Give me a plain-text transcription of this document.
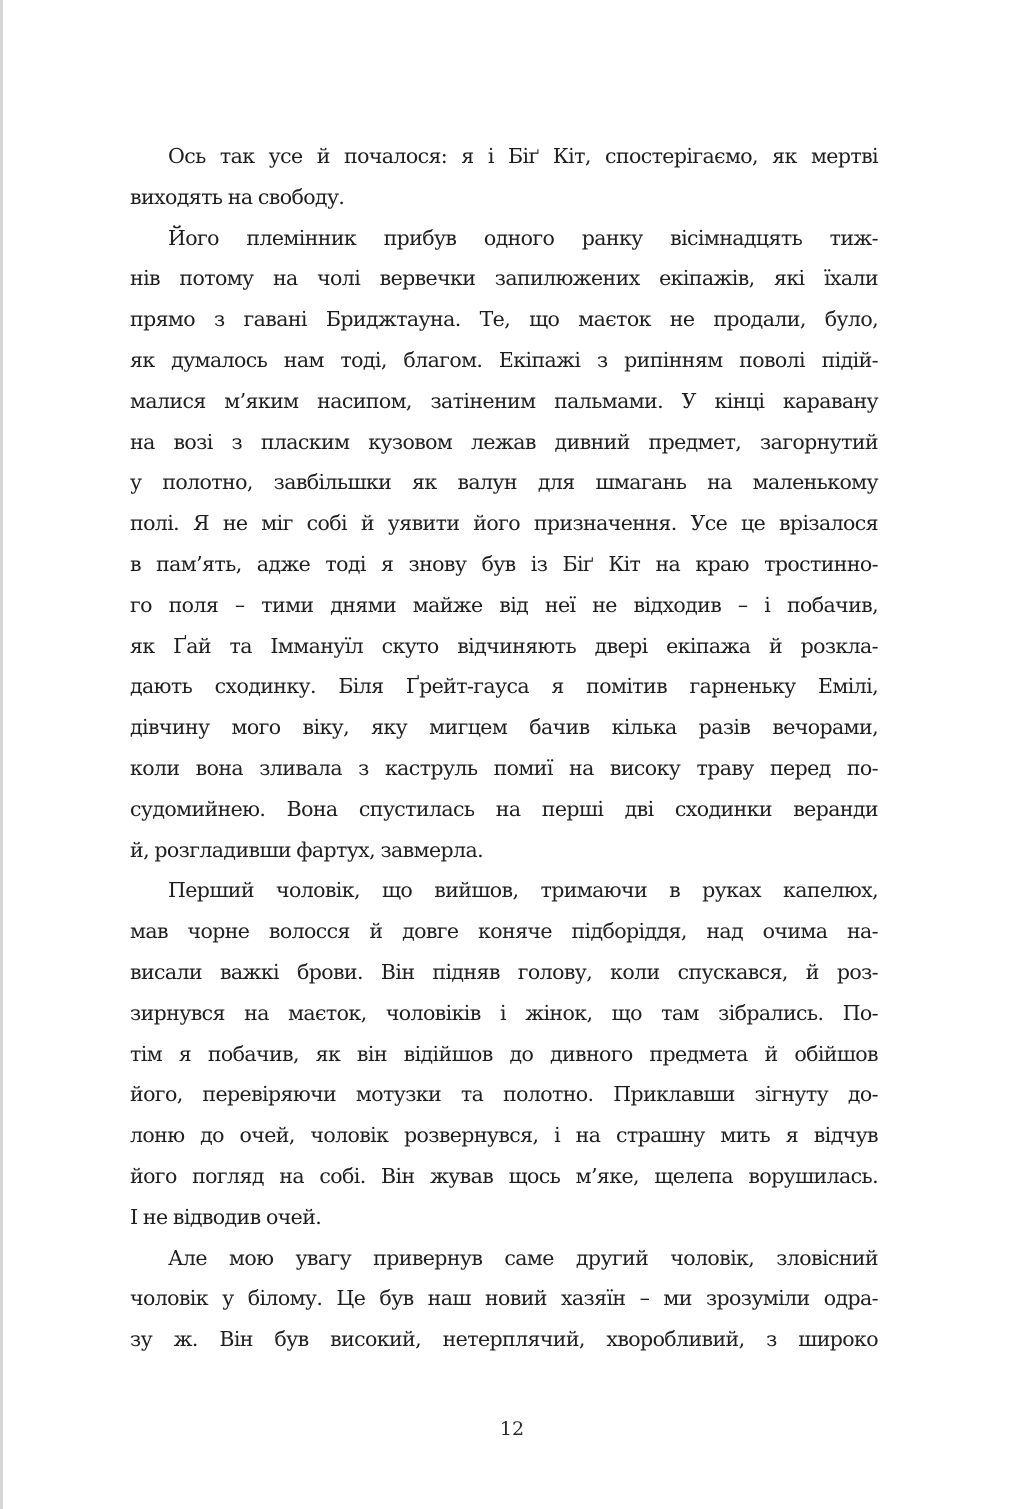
Ось так усе й почалося: я і Біґ Кіт, спостерігаємо, як мертві
виходять на свободу.
Його племінник прибув одного ранку вісімнадцять тиж-
нів потому на чолі вервечки запилюжених екіпажів, які їхали
прямо з гавані Бриджтауна. Те, що маєток не продали, було,
як думалось нам тоді, благом. Екіпажі з рипінням поволі підій-
малися м’яким насипом, затіненим пальмами. У кінці каравану
на возі з пласким кузовом лежав дивний предмет, загорнутий
у полотно, завбільшки як валун для шмагань на маленькому
полі. Я не міг собі й уявити його призначення. Усе це врізалося
в пам’ять, адже тоді я знову був із Біґ Кіт на краю тростинно-
го поля – тими днями майже від неї не відходив – і побачив,
як Ґай та Іммануїл скуто відчиняють двері екіпажа й розкла-
дають сходинку. Біля Ґрейт-гауса я помітив гарненьку Емілі,
дівчину мого віку, яку мигцем бачив кілька разів вечорами,
коли вона зливала з каструль помиї на високу траву перед по-
судомийнею. Вона спустилась на перші дві сходинки веранди
й, розгладивши фартух, завмерла.
Перший чоловік, що вийшов, тримаючи в руках капелюх,
мав чорне волосся й довге коняче підборіддя, над очима на-
висали важкі брови. Він підняв голову, коли спускався, й роз-
зирнувся на маєток, чоловіків і жінок, що там зібрались. По-
тім я побачив, як він відійшов до дивного предмета й обійшов
його, перевіряючи мотузки та полотно. Приклавши зігнуту до-
лоню до очей, чоловік розвернувся, і на страшну мить я відчув
його погляд на собі. Він жував щось м’яке, щелепа ворушилась.
І не відводив очей.
Але мою увагу привернув саме другий чоловік, зловісний
чоловік у білому. Це був наш новий хазяїн – ми зрозуміли одра-
зу ж. Він був високий, нетерплячий, хворобливий, з широко
12
